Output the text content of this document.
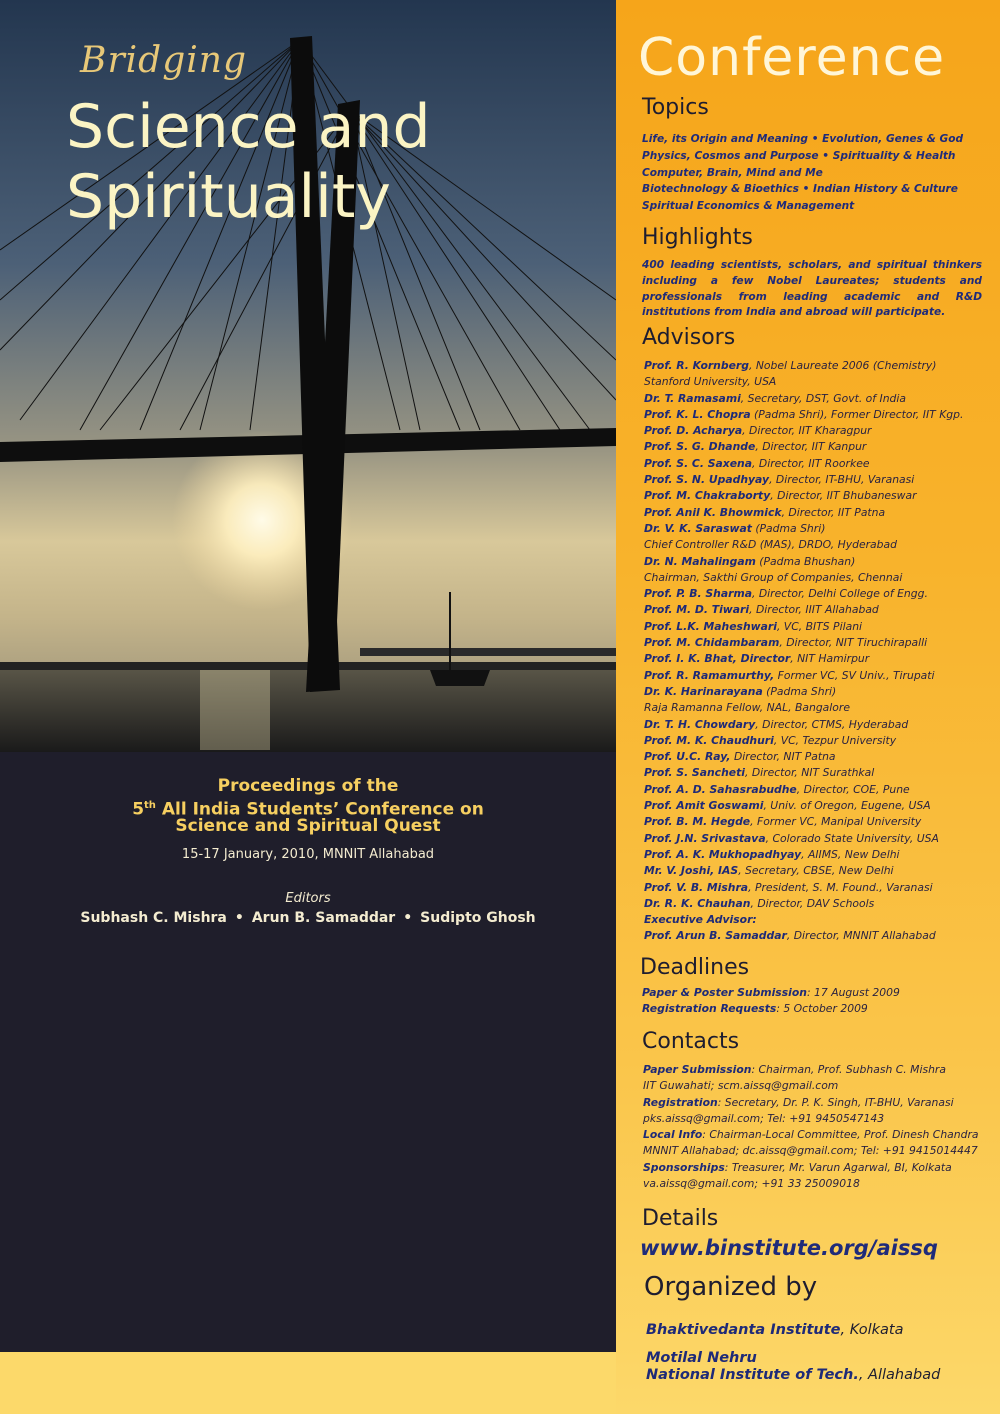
Bridging
Science and
Spirituality
Proceedings of the
5th All India Students’ Conference on
Science and Spiritual Quest
15-17 January, 2010, MNNIT Allahabad
Editors
Subhash C. Mishra • Arun B. Samaddar • Sudipto Ghosh
Conference
Topics
Life, its Origin and Meaning • Evolution, Genes & God
Physics, Cosmos and Purpose • Spirituality & Health
Computer, Brain, Mind and Me
Biotechnology & Bioethics • Indian History & Culture
Spiritual Economics & Management
Highlights
400 leading scientists, scholars, and spiritual thinkers including a few Nobel Laureates; students and professionals from leading academic and R&D institutions from India and abroad will participate.
Advisors
Prof. R. Kornberg, Nobel Laureate 2006 (Chemistry)
Stanford University, USA
Dr. T. Ramasami, Secretary, DST, Govt. of India
Prof. K. L. Chopra (Padma Shri), Former Director, IIT Kgp.
Prof. D. Acharya, Director, IIT Kharagpur
Prof. S. G. Dhande, Director, IIT Kanpur
Prof. S. C. Saxena, Director, IIT Roorkee
Prof. S. N. Upadhyay, Director, IT-BHU, Varanasi
Prof. M. Chakraborty, Director, IIT Bhubaneswar
Prof. Anil K. Bhowmick, Director, IIT Patna
Dr. V. K. Saraswat (Padma Shri)
Chief Controller R&D (MAS), DRDO, Hyderabad
Dr. N. Mahalingam (Padma Bhushan)
Chairman, Sakthi Group of Companies, Chennai
Prof. P. B. Sharma, Director, Delhi College of Engg.
Prof. M. D. Tiwari, Director, IIIT Allahabad
Prof. L.K. Maheshwari, VC, BITS Pilani
Prof. M. Chidambaram, Director, NIT Tiruchirapalli
Prof. I. K. Bhat, Director, NIT Hamirpur
Prof. R. Ramamurthy, Former VC, SV Univ., Tirupati
Dr. K. Harinarayana (Padma Shri)
Raja Ramanna Fellow, NAL, Bangalore
Dr. T. H. Chowdary, Director, CTMS, Hyderabad
Prof. M. K. Chaudhuri, VC, Tezpur University
Prof. U.C. Ray, Director, NIT Patna
Prof. S. Sancheti, Director, NIT Surathkal
Prof. A. D. Sahasrabudhe, Director, COE, Pune
Prof. Amit Goswami, Univ. of Oregon, Eugene, USA
Prof. B. M. Hegde, Former VC, Manipal University
Prof. J.N. Srivastava, Colorado State University, USA
Prof. A. K. Mukhopadhyay, AIIMS, New Delhi
Mr. V. Joshi, IAS, Secretary, CBSE, New Delhi
Prof. V. B. Mishra, President, S. M. Found., Varanasi
Dr. R. K. Chauhan, Director, DAV Schools
Executive Advisor:
Prof. Arun B. Samaddar, Director, MNNIT Allahabad
Deadlines
Paper & Poster Submission: 17 August 2009
Registration Requests: 5 October 2009
Contacts
Paper Submission: Chairman, Prof. Subhash C. Mishra
IIT Guwahati; scm.aissq@gmail.com
Registration: Secretary, Dr. P. K. Singh, IT-BHU, Varanasi
pks.aissq@gmail.com; Tel: +91 9450547143
Local Info: Chairman-Local Committee, Prof. Dinesh Chandra
MNNIT Allahabad; dc.aissq@gmail.com; Tel: +91 9415014447
Sponsorships: Treasurer, Mr. Varun Agarwal, BI, Kolkata
va.aissq@gmail.com; +91 33 25009018
Details
www.binstitute.org/aissq
Organized by
Bhaktivedanta Institute, Kolkata
Motilal Nehru
National Institute of Tech., Allahabad
